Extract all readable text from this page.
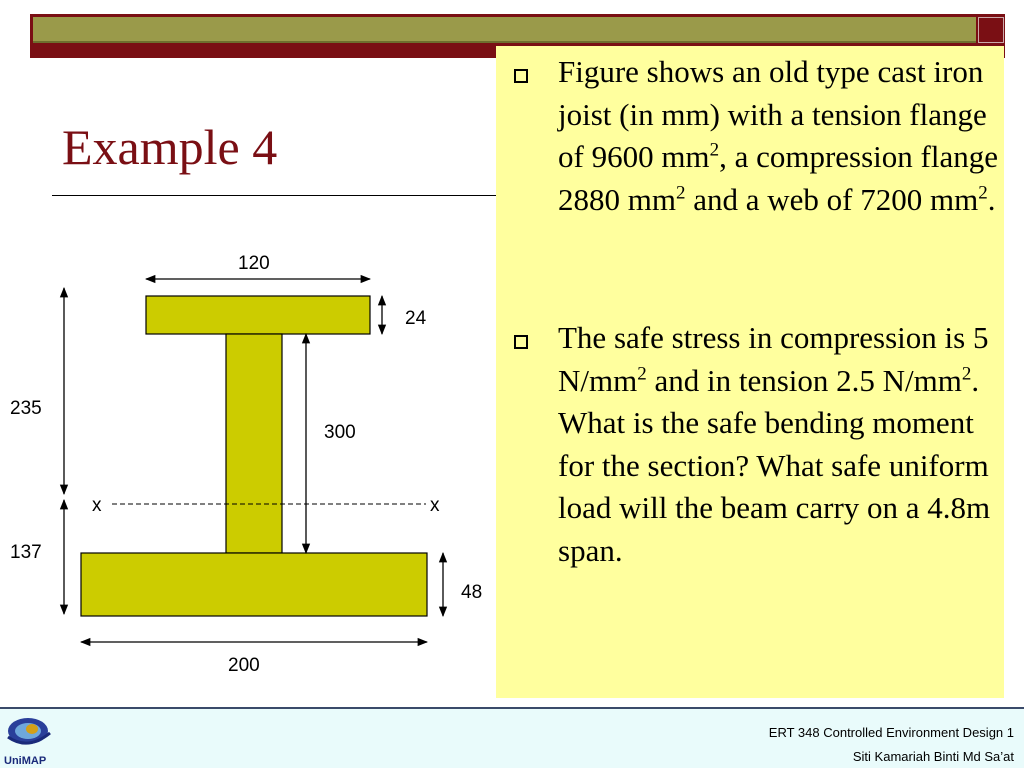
Example 4
x	x
120
24
300
235
137
48
200
Figure shows an old type cast iron joist (in mm) with a tension flange of 9600 $mm^2$, a compression flange 2880 $mm^2$ and a web of 7200 $mm^2$.
The safe stress in compression is 5 $N/mm^2$ and in tension 2.5 $N/mm^2$. What is the safe bending moment for the section? What safe uniform load will the beam carry on a 4.8m span.
UniMAP
ERT 348 Controlled Environment Design 1
Siti Kamariah Binti Md Sa’at
